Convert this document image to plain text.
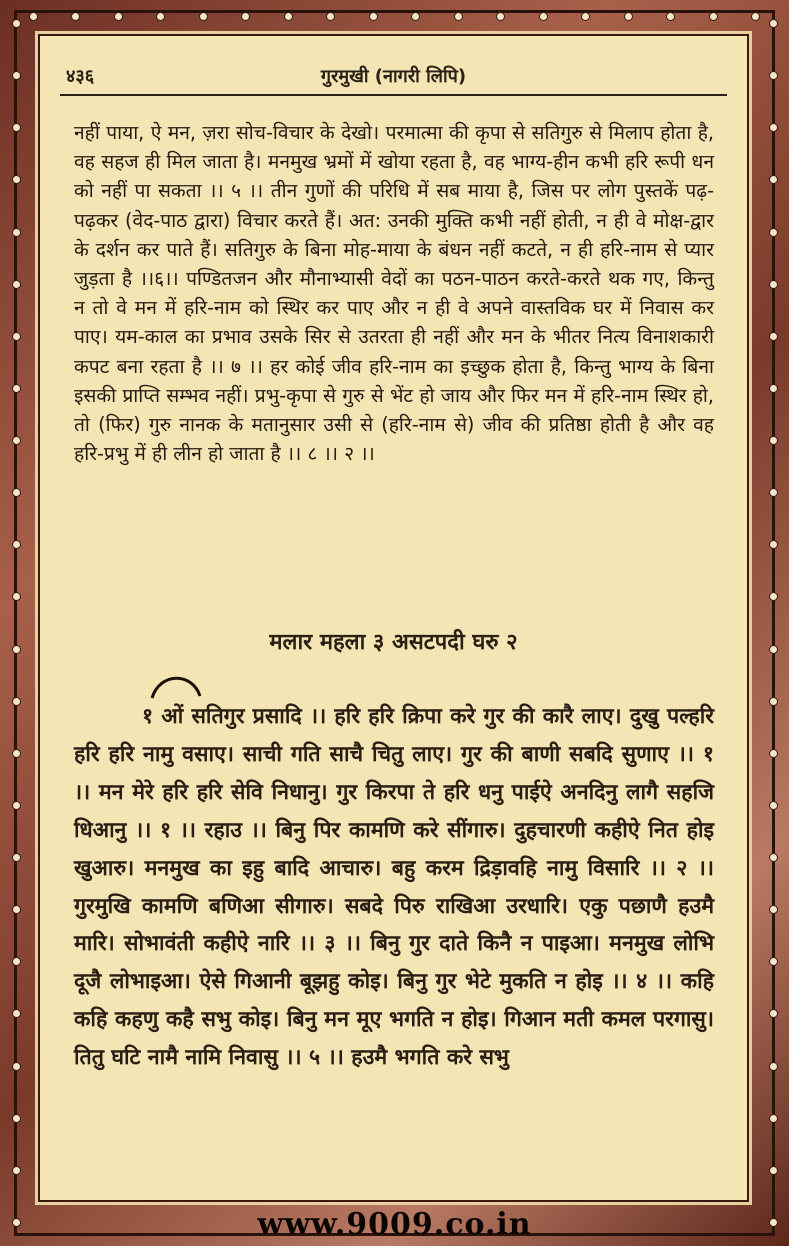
४३६	गुरमुखी (नागरी लिपि)
नहीं पाया, ऐ मन, ज़रा सोच-विचार के देखो। परमात्मा की कृपा से सतिगुरु से मिलाप होता है, वह सहज ही मिल जाता है। मनमुख भ्रमों में खोया रहता है, वह भाग्य-हीन कभी हरि रूपी धन को नहीं पा सकता ।। ५ ।। तीन गुणों की परिधि में सब माया है, जिस पर लोग पुस्तकें पढ़-पढ़कर (वेद-पाठ द्वारा) विचार करते हैं। अत: उनकी मुक्ति कभी नहीं होती, न ही वे मोक्ष-द्वार के दर्शन कर पाते हैं। सतिगुरु के बिना मोह-माया के बंधन नहीं कटते, न ही हरि-नाम से प्यार जुड़ता है ।।६।। पण्डितजन और मौनाभ्यासी वेदों का पठन-पाठन करते-करते थक गए, किन्तु न तो वे मन में हरि-नाम को स्थिर कर पाए और न ही वे अपने वास्तविक घर में निवास कर पाए। यम-काल का प्रभाव उसके सिर से उतरता ही नहीं और मन के भीतर नित्य विनाशकारी कपट बना रहता है ।। ७ ।। हर कोई जीव हरि-नाम का इच्छुक होता है, किन्तु भाग्य के बिना इसकी प्राप्ति सम्भव नहीं। प्रभु-कृपा से गुरु से भेंट हो जाय और फिर मन में हरि-नाम स्थिर हो, तो (फिर) गुरु नानक के मतानुसार उसी से (हरि-नाम से) जीव की प्रतिष्ठा होती है और वह हरि-प्रभु में ही लीन हो जाता है ।। ८ ।। २ ।।
मलार महला ३ असटपदी घरु २
१ ओं सतिगुर प्रसादि ।। हरि हरि क्रिपा करे गुर की कारै लाए। दुखु पल्हरि हरि हरि नामु वसाए। साची गति साचै चितु लाए। गुर की बाणी सबदि सुणाए ।। १ ।। मन मेरे हरि हरि सेवि निधानु। गुर किरपा ते हरि धनु पाईऐ अनदिनु लागै सहजि धिआनु ।। १ ।। रहाउ ।। बिनु पिर कामणि करे सींगारु। दुहचारणी कहीऐ नित होइ खुआरु। मनमुख का इहु बादि आचारु। बहु करम द्रिड़ावहि नामु विसारि ।। २ ।। गुरमुखि कामणि बणिआ सीगारु। सबदे पिरु राखिआ उरधारि। एकु पछाणै हउमै मारि। सोभावंती कहीऐ नारि ।। ३ ।। बिनु गुर दाते किनै न पाइआ। मनमुख लोभि दूजै लोभाइआ। ऐसे गिआनी बूझहु कोइ। बिनु गुर भेटे मुकति न होइ ।। ४ ।। कहि कहि कहणु कहै सभु कोइ। बिनु मन मूए भगति न होइ। गिआन मती कमल परगासु। तितु घटि नामै नामि निवासु ।। ५ ।। हउमै भगति करे सभु
www.9009.co.in
